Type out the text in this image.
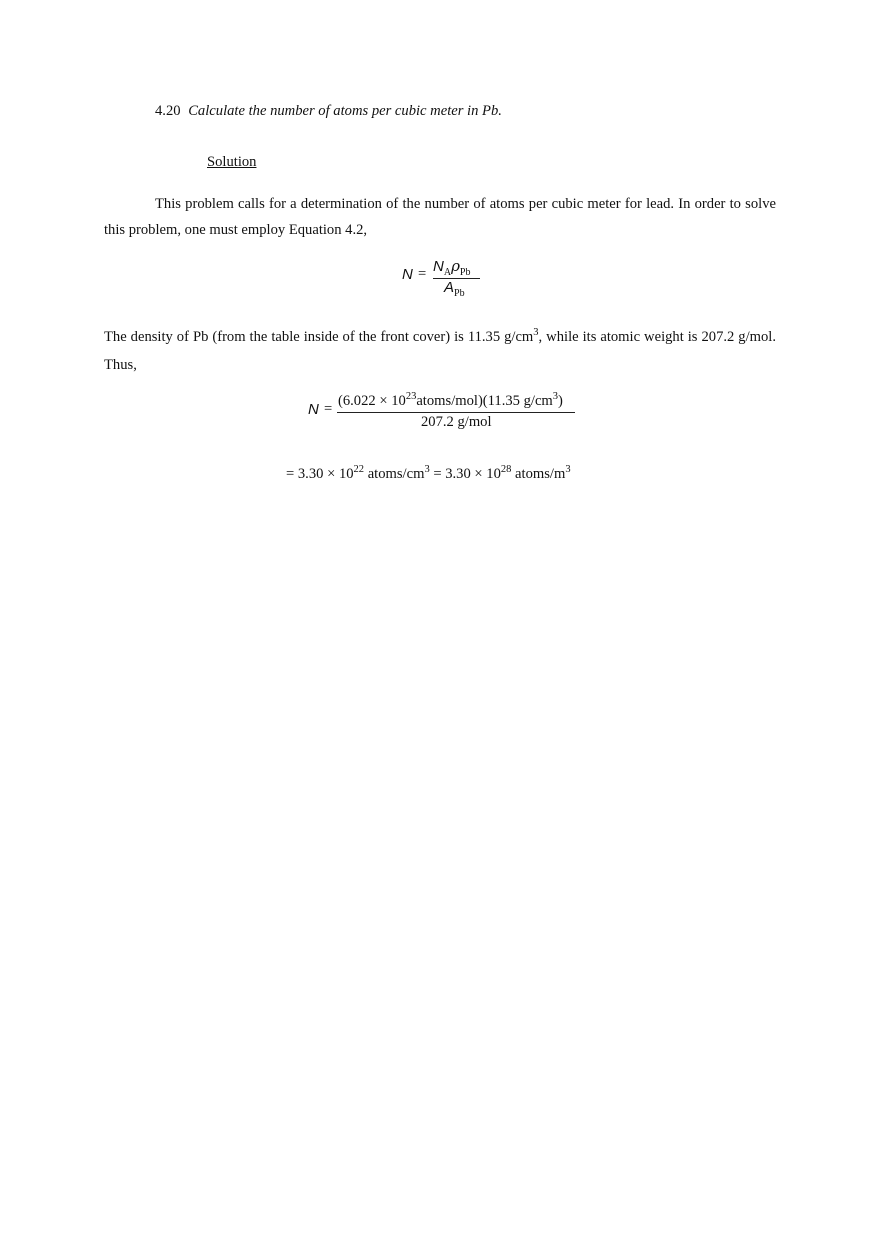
4.20 Calculate the number of atoms per cubic meter in Pb.
Solution
This problem calls for a determination of the number of atoms per cubic meter for lead. In order to solve this problem, one must employ Equation 4.2,
$N = N_A\rho_{Pb}$
$A_{Pb}$
The density of Pb (from the table inside of the front cover) is 11.35 $g/cm^3$, while its atomic weight is 207.2 g/mol. Thus,
$N = (6.022 \times 10^{23}atoms/mol)(11.35$ $g/cm^3$)
207.2 g/mol
= $3.30 \times 10^{22}$ atoms/$cm^3 = 3.30 \times 10^{28}$ atoms/$m^3$
